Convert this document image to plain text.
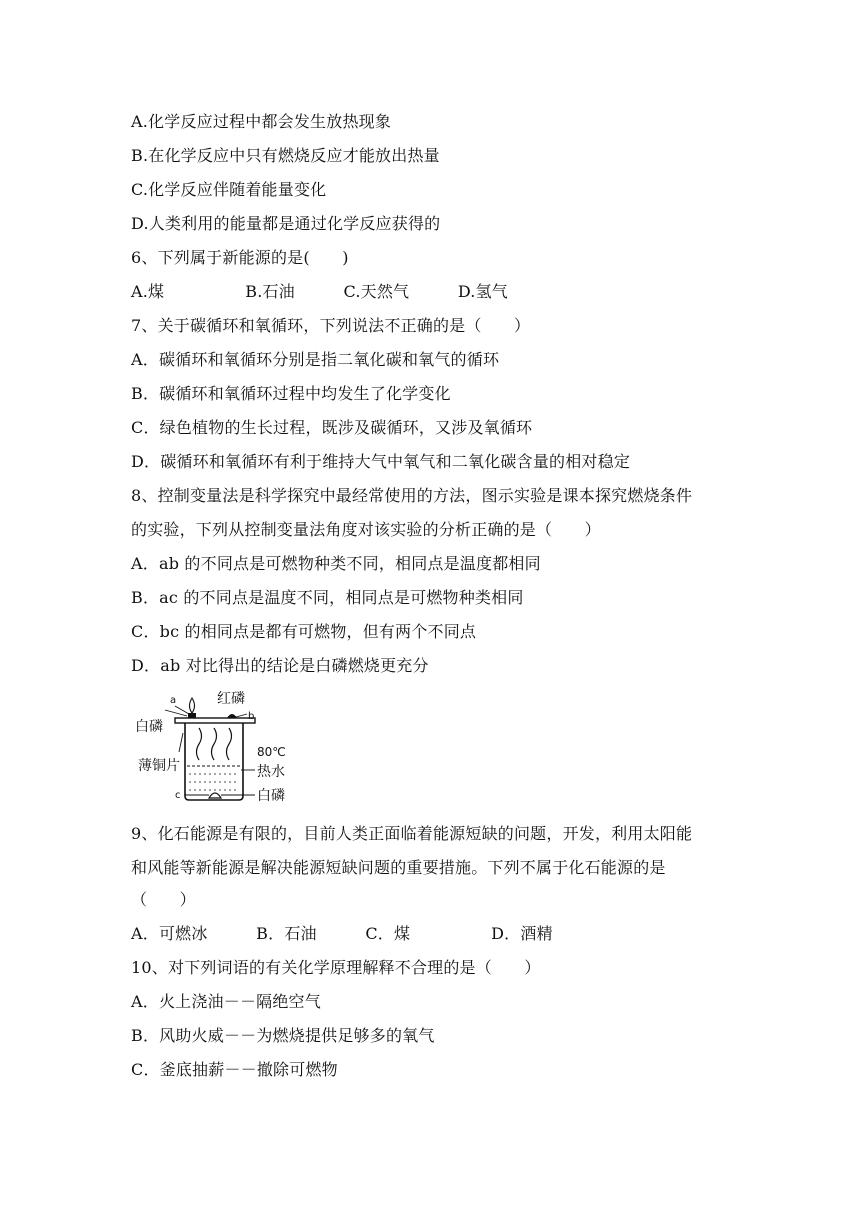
A.化学反应过程中都会发生放热现象
B.在化学反应中只有燃烧反应才能放出热量
C.化学反应伴随着能量变化
D.人类利用的能量都是通过化学反应获得的
6、下列属于新能源的是(　　)
A.煤　　　　　B.石油　　　C.天然气　　　D.氢气
7、关于碳循环和氧循环，下列说法不正确的是（　　）
A．碳循环和氧循环分别是指二氧化碳和氧气的循环
B．碳循环和氧循环过程中均发生了化学变化
C．绿色植物的生长过程，既涉及碳循环，又涉及氧循环
D．碳循环和氧循环有利于维持大气中氧气和二氧化碳含量的相对稳定
8、控制变量法是科学探究中最经常使用的方法，图示实验是课本探究燃烧条件
的实验，下列从控制变量法角度对该实验的分析正确的是（　　）
A．ab 的不同点是可燃物种类不同，相同点是温度都相同
B．ac 的不同点是温度不同，相同点是可燃物种类相同
C．bc 的相同点是都有可燃物，但有两个不同点
D．ab 对比得出的结论是白磷燃烧更充分
a	红磷
b
白磷
薄铜片
80℃
热水
c	白磷
9、化石能源是有限的，目前人类正面临着能源短缺的问题，开发，利用太阳能
和风能等新能源是解决能源短缺问题的重要措施。下列不属于化石能源的是
（　　）
A．可燃冰　　　B．石油　　　C．煤　　　　　D．酒精
10、对下列词语的有关化学原理解释不合理的是（　　）
A．火上浇油－－隔绝空气
B．风助火威－－为燃烧提供足够多的氧气
C．釜底抽薪－－撤除可燃物
